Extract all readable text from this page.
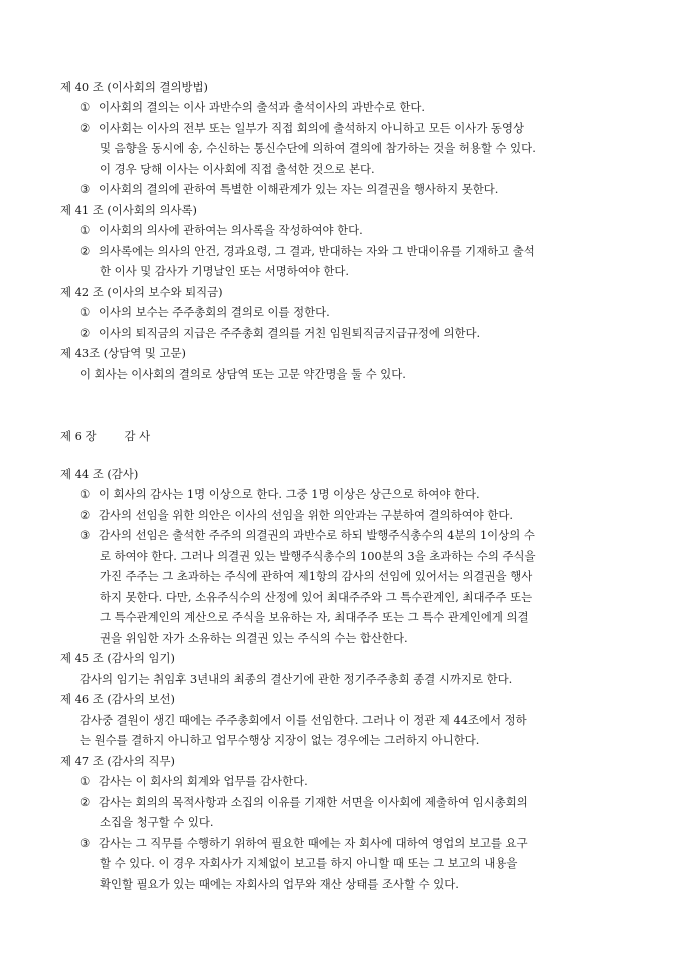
제 40 조 (이사회의 결의방법)
① 이사회의 결의는 이사 과반수의 출석과 출석이사의 과반수로 한다.
② 이사회는 이사의 전부 또는 일부가 직접 회의에 출석하지 아니하고 모든 이사가 동영상
및 음향을 동시에 송, 수신하는 통신수단에 의하여 결의에 참가하는 것을 허용할 수 있다.
이 경우 당해 이사는 이사회에 직접 출석한 것으로 본다.
③ 이사회의 결의에 관하여 특별한 이해관계가 있는 자는 의결권을 행사하지 못한다.
제 41 조 (이사회의 의사록)
① 이사회의 의사에 관하여는 의사록을 작성하여야 한다.
② 의사록에는 의사의 안건, 경과요령, 그 결과, 반대하는 자와 그 반대이유를 기재하고 출석
한 이사 및 감사가 기명날인 또는 서명하여야 한다.
제 42 조 (이사의 보수와 퇴직금)
① 이사의 보수는 주주총회의 결의로 이를 정한다.
② 이사의 퇴직금의 지급은 주주총회 결의를 거친 임원퇴직금지급규정에 의한다.
제 43조 (상담역 및 고문)
이 회사는 이사회의 결의로 상담역 또는 고문 약간명을 둘 수 있다.
제 6 장 감 사
제 44 조 (감사)
① 이 회사의 감사는 1명 이상으로 한다. 그중 1명 이상은 상근으로 하여야 한다.
② 감사의 선임을 위한 의안은 이사의 선임을 위한 의안과는 구분하여 결의하여야 한다.
③ 감사의 선임은 출석한 주주의 의결권의 과반수로 하되 발행주식총수의 4분의 1이상의 수
로 하여야 한다. 그러나 의결권 있는 발행주식총수의 100분의 3을 초과하는 수의 주식을
가진 주주는 그 초과하는 주식에 관하여 제1항의 감사의 선임에 있어서는 의결권을 행사
하지 못한다. 다만, 소유주식수의 산정에 있어 최대주주와 그 특수관계인, 최대주주 또는
그 특수관계인의 계산으로 주식을 보유하는 자, 최대주주 또는 그 특수 관계인에게 의결
권을 위임한 자가 소유하는 의결권 있는 주식의 수는 합산한다.
제 45 조 (감사의 임기)
감사의 임기는 취임후 3년내의 최종의 결산기에 관한 정기주주총회 종결 시까지로 한다.
제 46 조 (감사의 보선)
감사중 결원이 생긴 때에는 주주총회에서 이를 선임한다. 그러나 이 정관 제 44조에서 정하
는 원수를 결하지 아니하고 업무수행상 지장이 없는 경우에는 그러하지 아니한다.
제 47 조 (감사의 직무)
① 감사는 이 회사의 회계와 업무를 감사한다.
② 감사는 회의의 목적사항과 소집의 이유를 기재한 서면을 이사회에 제출하여 임시총회의
소집을 청구할 수 있다.
③ 감사는 그 직무를 수행하기 위하여 필요한 때에는 자 회사에 대하여 영업의 보고를 요구
할 수 있다. 이 경우 자회사가 지체없이 보고를 하지 아니할 때 또는 그 보고의 내용을
확인할 필요가 있는 때에는 자회사의 업무와 재산 상태를 조사할 수 있다.
